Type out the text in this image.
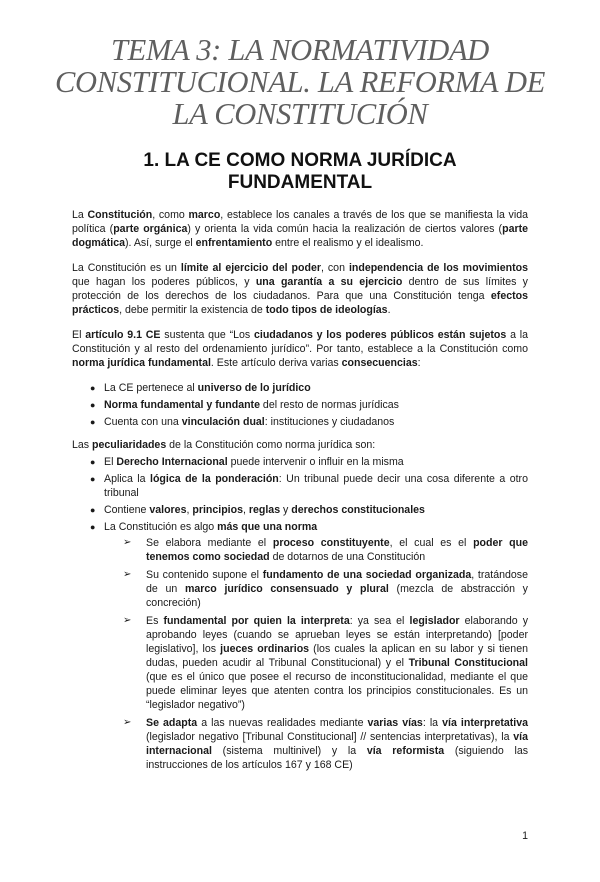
TEMA 3: LA NORMATIVIDAD CONSTITUCIONAL. LA REFORMA DE LA CONSTITUCIÓN
1. LA CE COMO NORMA JURÍDICA FUNDAMENTAL

La Constitución, como marco, establece los canales a través de los que se manifiesta la vida política (parte orgánica) y orienta la vida común hacia la realización de ciertos valores (parte dogmática). Así, surge el enfrentamiento entre el realismo y el idealismo.

La Constitución es un límite al ejercicio del poder, con independencia de los movimientos que hagan los poderes públicos, y una garantía a su ejercicio dentro de sus límites y protección de los derechos de los ciudadanos. Para que una Constitución tenga efectos prácticos, debe permitir la existencia de todo tipos de ideologías.

El artículo 9.1 CE sustenta que “Los ciudadanos y los poderes públicos están sujetos a la Constitución y al resto del ordenamiento jurídico”. Por tanto, establece a la Constitución como norma jurídica fundamental. Este artículo deriva varias consecuencias:

● La CE pertenece al universo de lo jurídico
● Norma fundamental y fundante del resto de normas jurídicas
● Cuenta con una vinculación dual: instituciones y ciudadanos

Las peculiaridades de la Constitución como norma jurídica son:

● El Derecho Internacional puede intervenir o influir en la misma
● Aplica la lógica de la ponderación: Un tribunal puede decir una cosa diferente a otro tribunal
● Contiene valores, principios, reglas y derechos constitucionales
● La Constitución es algo más que una norma
➢ Se elabora mediante el proceso constituyente, el cual es el poder que tenemos como sociedad de dotarnos de una Constitución
➢ Su contenido supone el fundamento de una sociedad organizada, tratándose de un marco jurídico consensuado y plural (mezcla de abstracción y concreción)
➢ Es fundamental por quien la interpreta: ya sea el legislador elaborando y aprobando leyes (cuando se aprueban leyes se están interpretando) [poder legislativo], los jueces ordinarios (los cuales la aplican en su labor y si tienen dudas, pueden acudir al Tribunal Constitucional) y el Tribunal Constitucional (que es el único que posee el recurso de inconstitucionalidad, mediante el que puede eliminar leyes que atenten contra los principios constitucionales. Es un “legislador negativo”)
➢ Se adapta a las nuevas realidades mediante varias vías: la vía interpretativa (legislador negativo [Tribunal Constitucional] // sentencias interpretativas), la vía internacional (sistema multinivel) y la vía reformista (siguiendo las instrucciones de los artículos 167 y 168 CE)
1
